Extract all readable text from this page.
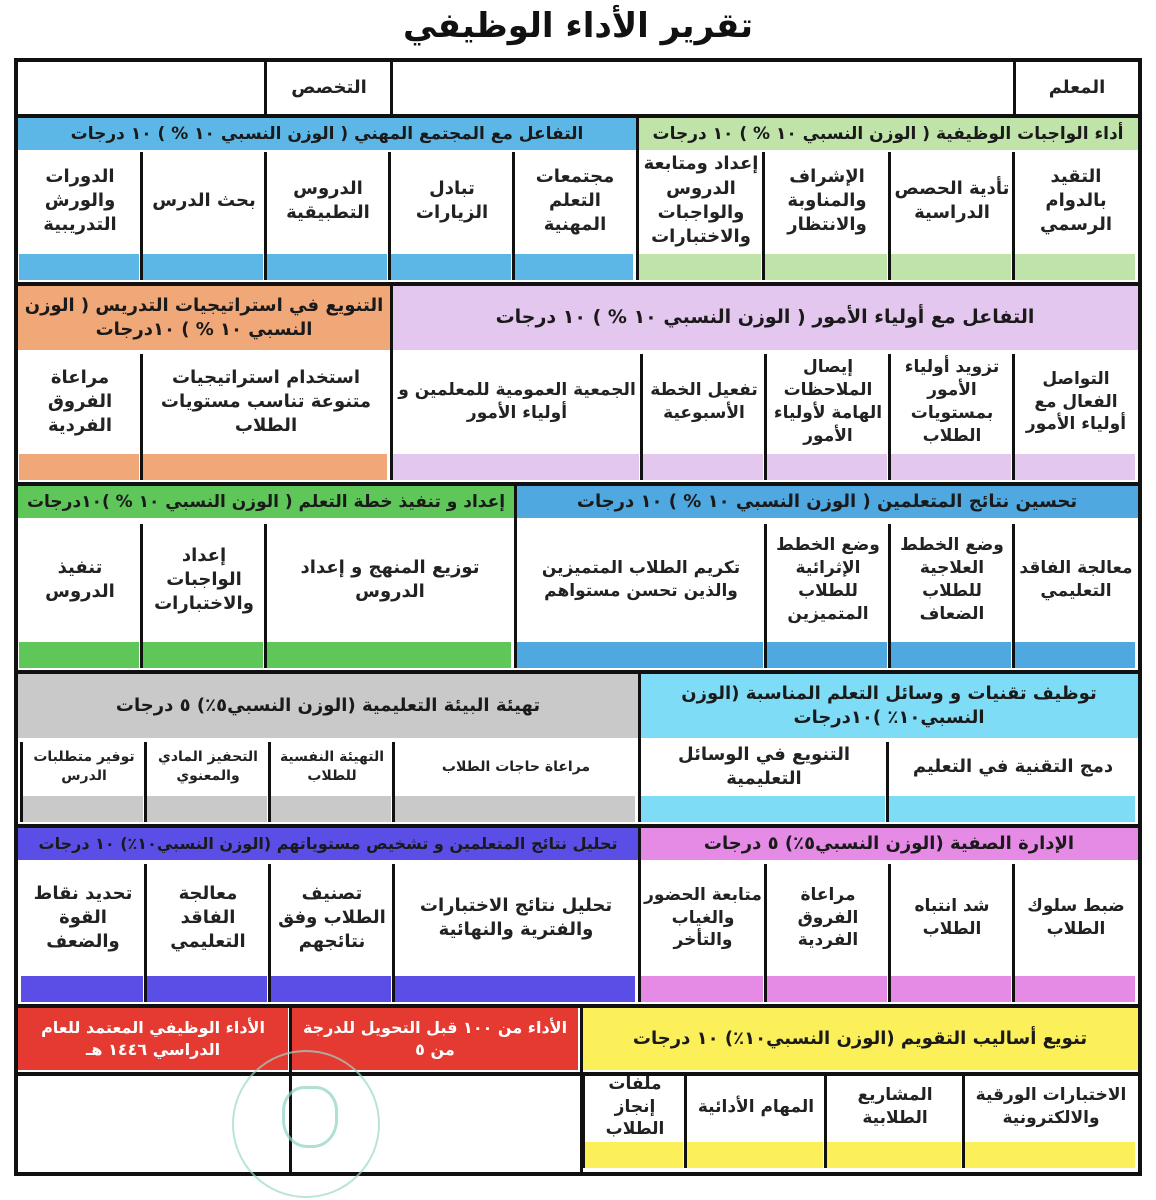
تقرير الأداء الوظيفي
المعلم
التخصص
أداء الواجبات الوظيفية ( الوزن النسبي ١٠ % ) ١٠ درجات
التقيد بالدوام الرسمي
تأدية الحصص الدراسية
الإشراف والمناوبة والانتظار
إعداد ومتابعة الدروس والواجبات والاختبارات
التفاعل مع المجتمع المهني ( الوزن النسبي ١٠ % ) ١٠ درجات
مجتمعات التعلم المهنية
تبادل الزيارات
الدروس التطبيقية
بحث الدرس
الدورات والورش التدريبية
التفاعل مع أولياء الأمور ( الوزن النسبي ١٠ % ) ١٠ درجات
التواصل الفعال مع أولياء الأمور
تزويد أولياء الأمور بمستويات الطلاب
إيصال الملاحظات الهامة لأولياء الأمور
تفعيل الخطة الأسبوعية
الجمعية العمومية للمعلمين و أولياء الأمور
التنويع في استراتيجيات التدريس ( الوزن النسبي ١٠ % ) ١٠درجات
استخدام استراتيجيات متنوعة تناسب مستويات الطلاب
مراعاة الفروق الفردية
تحسين نتائج المتعلمين ( الوزن النسبي ١٠ % ) ١٠ درجات
معالجة الفاقد التعليمي
وضع الخطط العلاجية للطلاب الضعاف
وضع الخطط الإثرائية للطلاب المتميزين
تكريم الطلاب المتميزين والذين تحسن مستواهم
إعداد و تنفيذ خطة التعلم ( الوزن النسبي ١٠ % )١٠درجات
توزيع المنهج و إعداد الدروس
إعداد الواجبات والاختبارات
تنفيذ الدروس
توظيف تقنيات و وسائل التعلم المناسبة (الوزن النسبي١٠٪ )١٠درجات
دمج التقنية في التعليم
التنويع في الوسائل التعليمية
تهيئة البيئة التعليمية (الوزن النسبي٥٪) ٥ درجات
مراعاة حاجات الطلاب
التهيئة النفسية للطلاب
التحفيز المادي والمعنوي
توفير متطلبات الدرس
الإدارة الصفية (الوزن النسبي٥٪) ٥ درجات
ضبط سلوك الطلاب
شد انتباه الطلاب
مراعاة الفروق الفردية
متابعة الحضور والغياب والتأخر
تحليل نتائج المتعلمين و تشخيص مستوياتهم (الوزن النسبي١٠٪) ١٠ درجات
تحليل نتائج الاختبارات والفترية والنهائية
تصنيف الطلاب وفق نتائجهم
معالجة الفاقد التعليمي
تحديد نقاط القوة والضعف
تنويع أساليب التقويم (الوزن النسبي١٠٪) ١٠ درجات
الأداء من ١٠٠ قبل التحويل للدرجة من ٥
الأداء الوظيفي المعتمد للعام الدراسي ١٤٤٦ هـ
الاختبارات الورقية والالكترونية
المشاريع الطلابية
المهام الأدائية
ملفات إنجاز الطلاب
